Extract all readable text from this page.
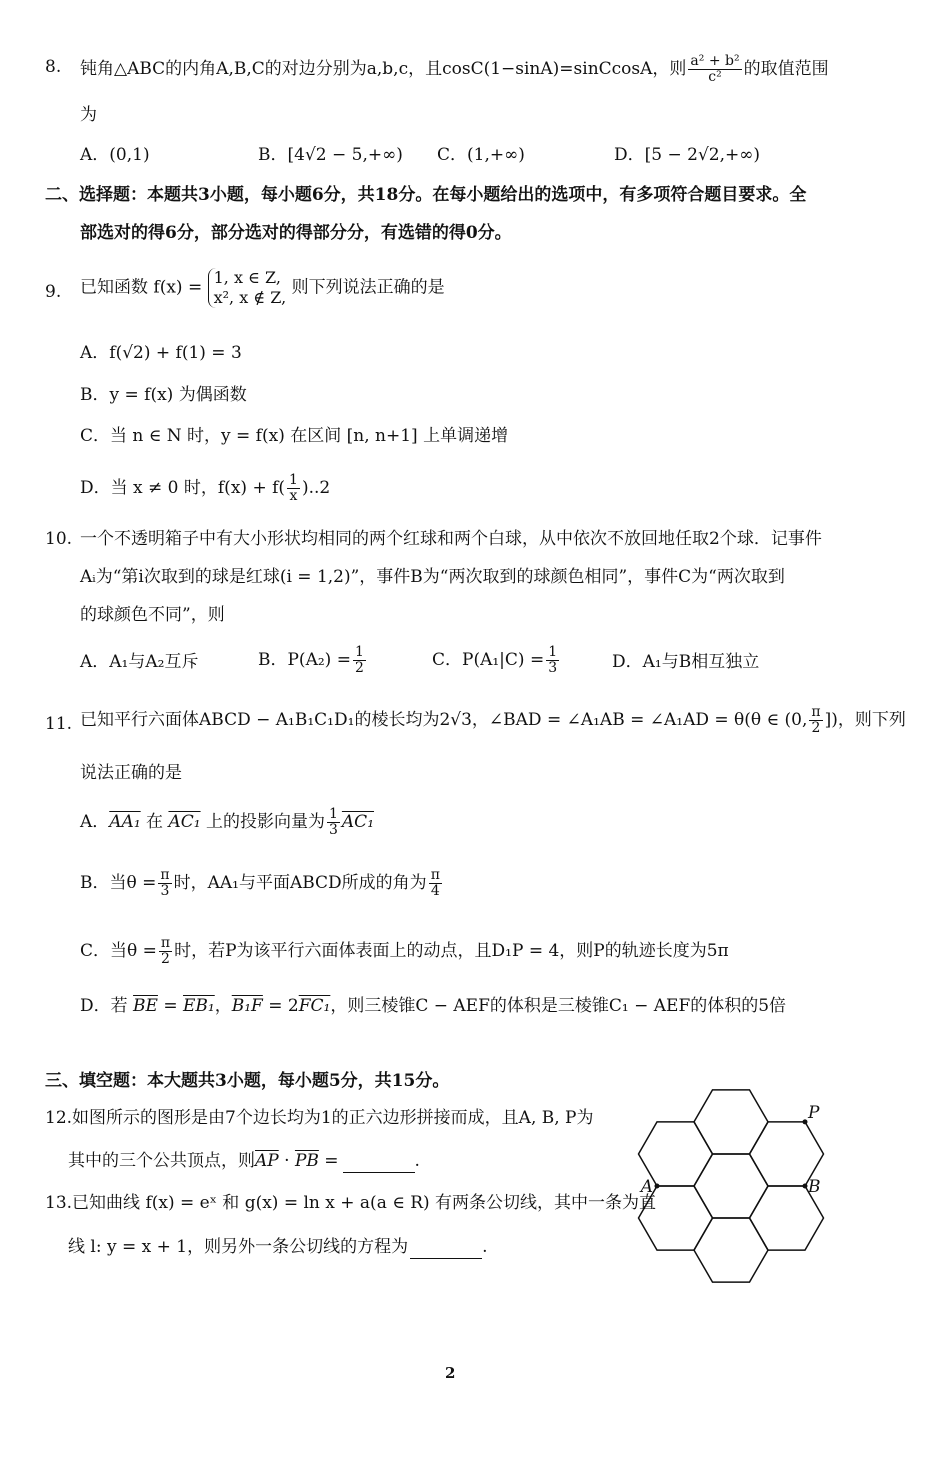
8. 钝角△ABC的内角A,B,C的对边分别为a,b,c，且cosC(1−sinA)=sinCcosA，则 $\frac{\text{a² + b²}}{\text{c²}}$ 的取值范围
为
A．(0,1)	B．[4√2 − 5,+∞) C．(1,+∞)	D．[5 − 2√2,+∞)
二、选择题：本题共3小题，每小题6分，共18分。在每小题给出的选项中，有多项符合题目要求。全
部选对的得6分，部分选对的得部分分，有选错的得0分。
9. 已知函数 f(x) = 1, x ∈ Z,
x², x ∉ Z, 则下列说法正确的是
A．f(√2) + f(1) = 3
B．y = f(x) 为偶函数
C．当 n ∈ N 时，y = f(x) 在区间 [n, n+1] 上单调递增
D．当 x ≠ 0 时，$f(x) + f( \frac{1}{x} )..2$
10. 一个不透明箱子中有大小形状均相同的两个红球和两个白球，从中依次不放回地任取2个球．记事件
Aᵢ为“第i次取到的球是红球(i = 1,2)”，事件B为“两次取到的球颜色相同”，事件C为“两次取到
的球颜色不同”，则
A．A₁与A₂互斥	B．$P(A_2) = \frac{1}{2}$	C．$P(A_1|C) = \frac{1}{3}$	D．A₁与B相互独立
11. 已知平行六面体ABCD − A₁B₁C₁D₁的棱长均为2√3，∠BAD = ∠A₁AB = ∠A₁AD = θ(θ ∈ (0, $\frac{\pi}{2}$ ])，则下列
说法正确的是
A．AA₁ 在 AC₁ 上的投影向量为 $\frac{1}{3} AC_1$
B．当$\theta = \frac{\pi}{3}$ 时，AA₁与平面ABCD所成的角为 $\frac{\pi}{4}$
C．当$\theta = \frac{\pi}{2}$ 时，若P为该平行六面体表面上的动点，且D₁P = 4，则P的轨迹长度为5π
D．若 $\overline{BE} = EB_1$，B₁F = 2FC₁，则三棱锥C − AEF的体积是三棱锥C₁ − AEF的体积的5倍
三、填空题：本大题共3小题，每小题5分，共15分。
12.如图所示的图形是由7个边长均为1的正六边形拼接而成，且A, B, P为
其中的三个公共顶点，则$\overline{AP} \cdot \overline{PB}$ =	.
13.已知曲线 f(x) = eˣ 和 g(x) = ln x + a(a ∈ R) 有两条公切线，其中一条为直
线 l: y = x + 1，则另外一条公切线的方程为	.
A	B
P
2
